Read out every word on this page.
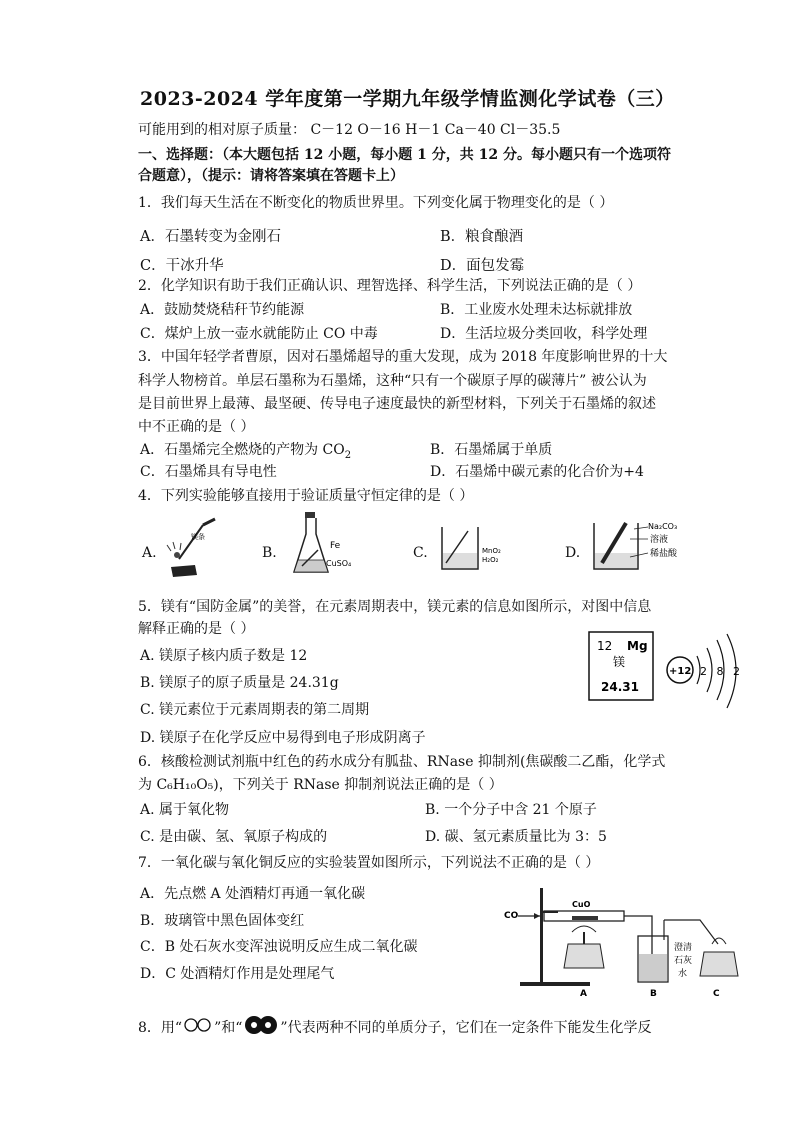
2023-2024 学年度第一学期九年级学情监测化学试卷（三）
可能用到的相对原子质量： C－12 O－16 H－1 Ca－40 Cl－35.5
一、选择题：（本大题包括 12 小题，每小题 1 分，共 12 分。每小题只有一个选项符
合题意），（提示：请将答案填在答题卡上）
1．我们每天生活在不断变化的物质世界里。下列变化属于物理变化的是（ ）
A．石墨转变为金刚石	B．粮食酿酒
C．干冰升华	D．面包发霉
2．化学知识有助于我们正确认识、理智选择、科学生活，下列说法正确的是（ ）
A．鼓励焚烧秸秆节约能源	B．工业废水处理未达标就排放
C．煤炉上放一壶水就能防止 CO 中毒	D．生活垃圾分类回收，科学处理
3．中国年轻学者曹原，因对石墨烯超导的重大发现，成为 2018 年度影响世界的十大
科学人物榜首。单层石墨称为石墨烯，这种“只有一个碳原子厚的碳薄片” 被公认为
是目前世界上最薄、最坚硬、传导电子速度最快的新型材料，下列关于石墨烯的叙述
中不正确的是（ ）
A．石墨烯完全燃烧的产物为 $CO_2$	B．石墨烯属于单质
C．石墨烯具有导电性	D．石墨烯中碳元素的化合价为+4
4．下列实验能够直接用于验证质量守恒定律的是（ ）
A.	B.	C.	D.
镁条
Fe
CuSO₄
MnO₂
H₂O₂
Na₂CO₃
溶液
稀盐酸
5．镁有“国防金属”的美誉，在元素周期表中，镁元素的信息如图所示，对图中信息
解释正确的是（ ）
A. 镁原子核内质子数是 12
B. 镁原子的原子质量是 24.31g
C. 镁元素位于元素周期表的第二周期
D. 镁原子在化学反应中易得到电子形成阴离子
12 Mg
镁
24.31
+12 2 8 2
6．核酸检测试剂瓶中红色的药水成分有胍盐、RNase 抑制剂(焦碳酸二乙酯，化学式
为 C₆H₁₀O₅)，下列关于 RNase 抑制剂说法正确的是（ ）
A. 属于氧化物	B. 一个分子中含 21 个原子
C. 是由碳、氢、氧原子构成的	D. 碳、氢元素质量比为 3：5
7．一氧化碳与氧化铜反应的实验装置如图所示，下列说法不正确的是（ ）
A．先点燃 A 处酒精灯再通一氧化碳
B．玻璃管中黑色固体变红
C．B 处石灰水变浑浊说明反应生成二氧化碳
D．C 处酒精灯作用是处理尾气
CO
CuO
A	B
澄清
石灰
水
C
8．用“ ”和“	”代表两种不同的单质分子，它们在一定条件下能发生化学反
